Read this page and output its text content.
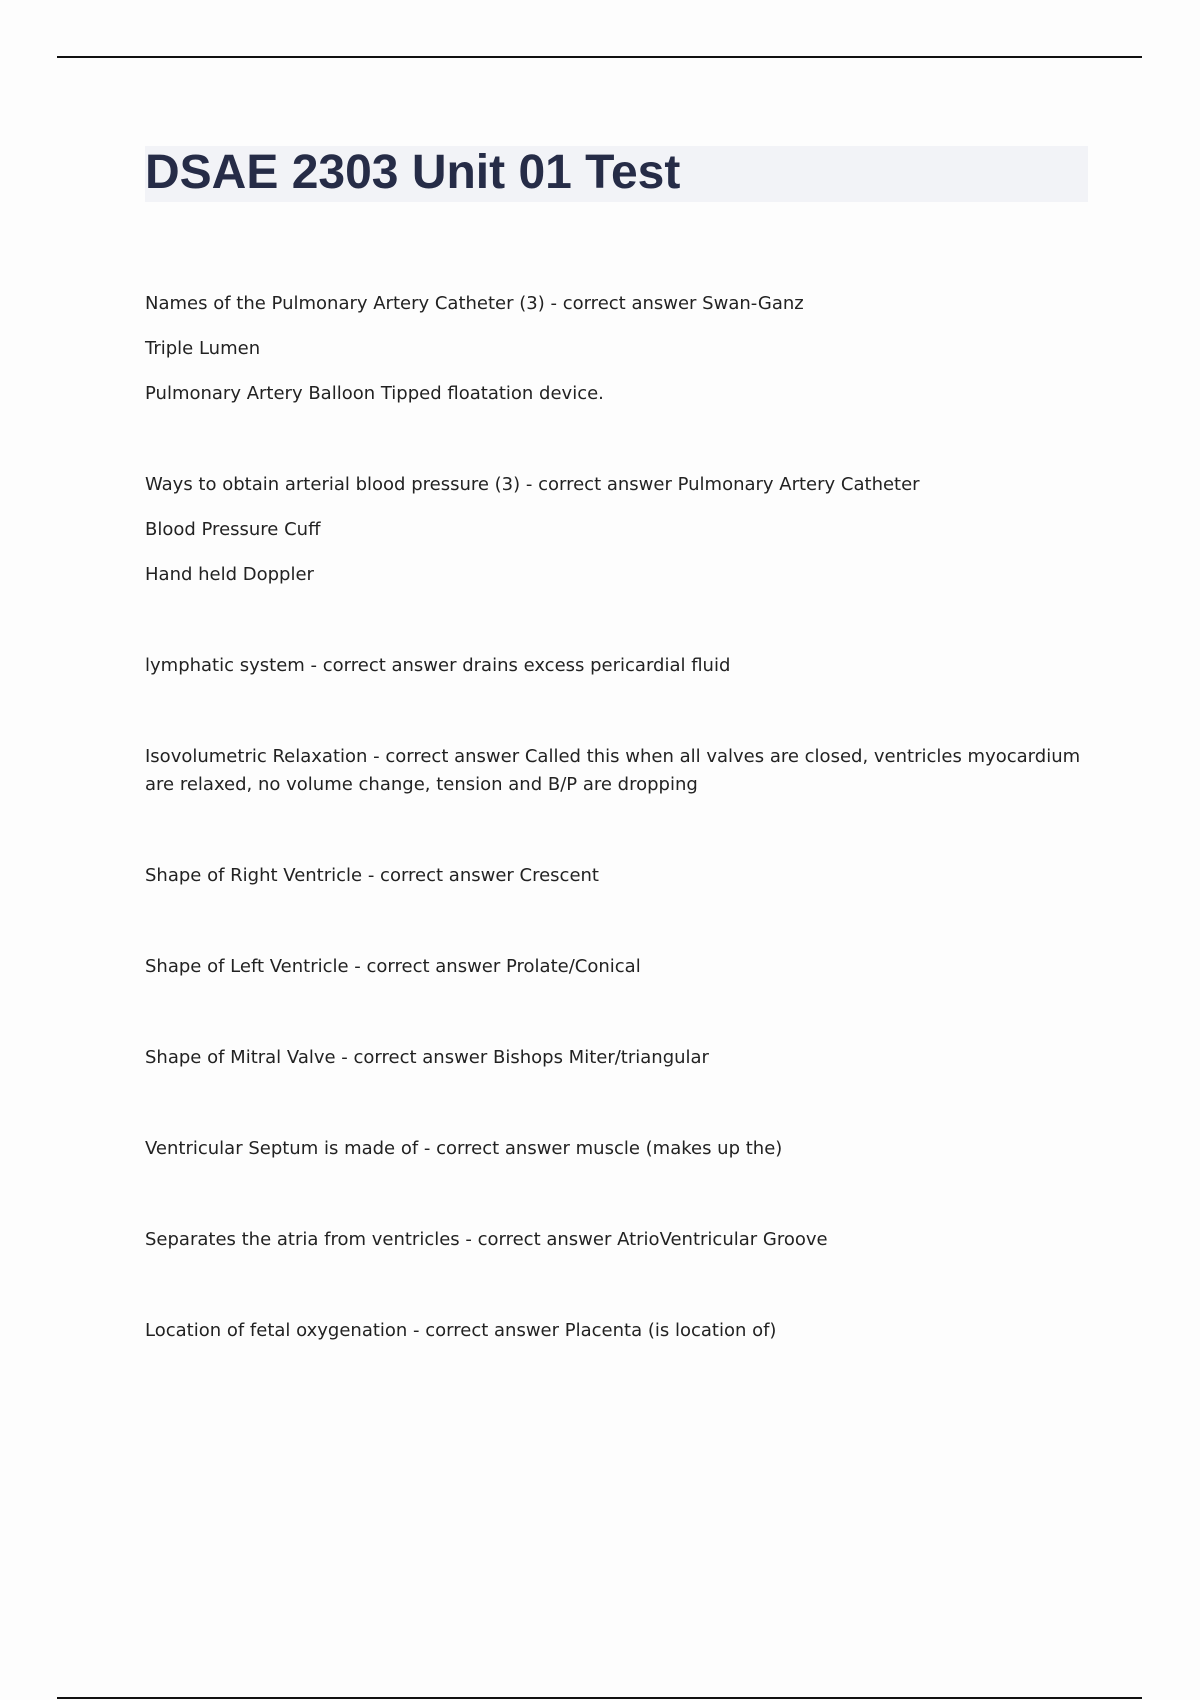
DSAE 2303 Unit 01 Test

Names of the Pulmonary Artery Catheter (3) - correct answer Swan-Ganz

Triple Lumen

Pulmonary Artery Balloon Tipped floatation device.

Ways to obtain arterial blood pressure (3) - correct answer Pulmonary Artery Catheter

Blood Pressure Cuff

Hand held Doppler

lymphatic system - correct answer drains excess pericardial fluid

Isovolumetric Relaxation - correct answer Called this when all valves are closed, ventricles myocardium are relaxed, no volume change, tension and B/P are dropping

Shape of Right Ventricle - correct answer Crescent

Shape of Left Ventricle - correct answer Prolate/Conical

Shape of Mitral Valve - correct answer Bishops Miter/triangular

Ventricular Septum is made of - correct answer muscle (makes up the)

Separates the atria from ventricles - correct answer AtrioVentricular Groove

Location of fetal oxygenation - correct answer Placenta (is location of)
